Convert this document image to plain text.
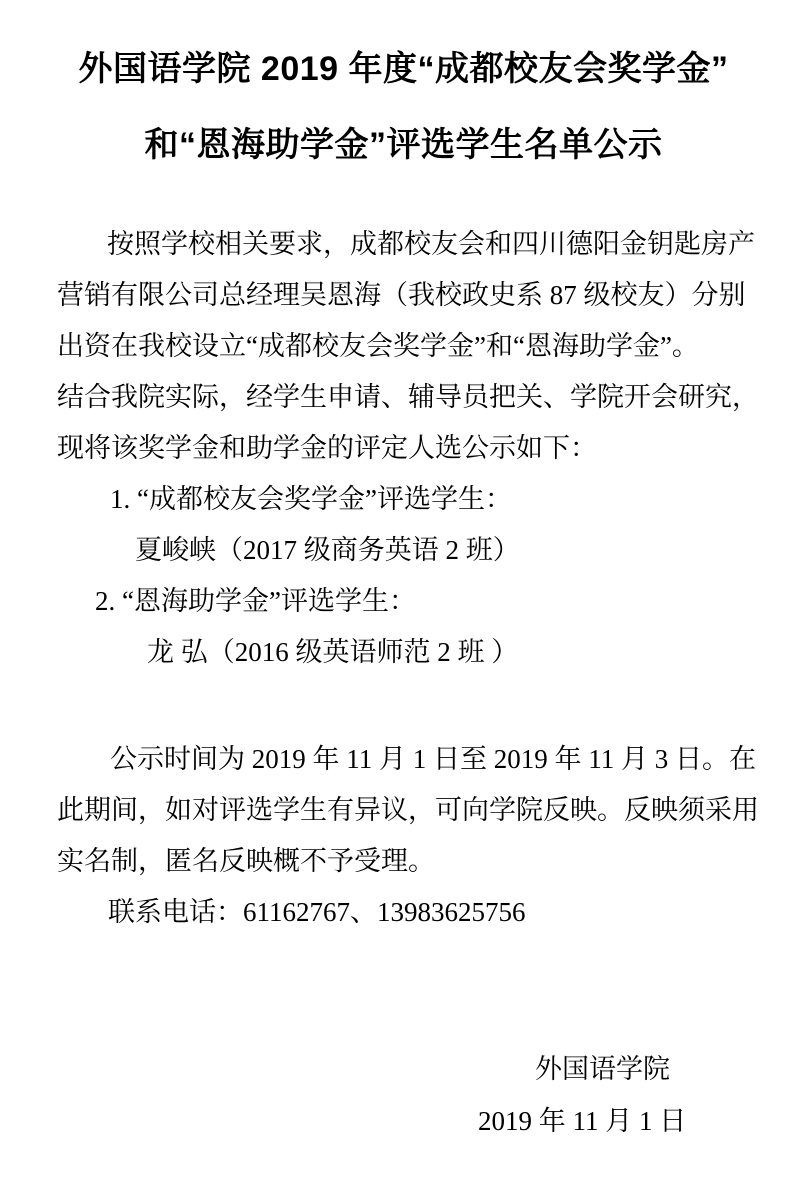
外国语学院 2019 年度“成都校友会奖学金”
和“恩海助学金”评选学生名单公示
按照学校相关要求，成都校友会和四川德阳金钥匙房产
营销有限公司总经理吴恩海（我校政史系 87 级校友）分别
出资在我校设立“成都校友会奖学金”和“恩海助学金”。
结合我院实际，经学生申请、辅导员把关、学院开会研究，
现将该奖学金和助学金的评定人选公示如下：
1. “成都校友会奖学金”评选学生：
夏峻峡（2017 级商务英语 2 班）
2. “恩海助学金”评选学生：
龙 弘（2016 级英语师范 2 班 ）
公示时间为 2019 年 11 月 1 日至 2019 年 11 月 3 日。在
此期间，如对评选学生有异议，可向学院反映。反映须采用
实名制，匿名反映概不予受理。
联系电话：61162767、13983625756
外国语学院
2019 年 11 月 1 日
